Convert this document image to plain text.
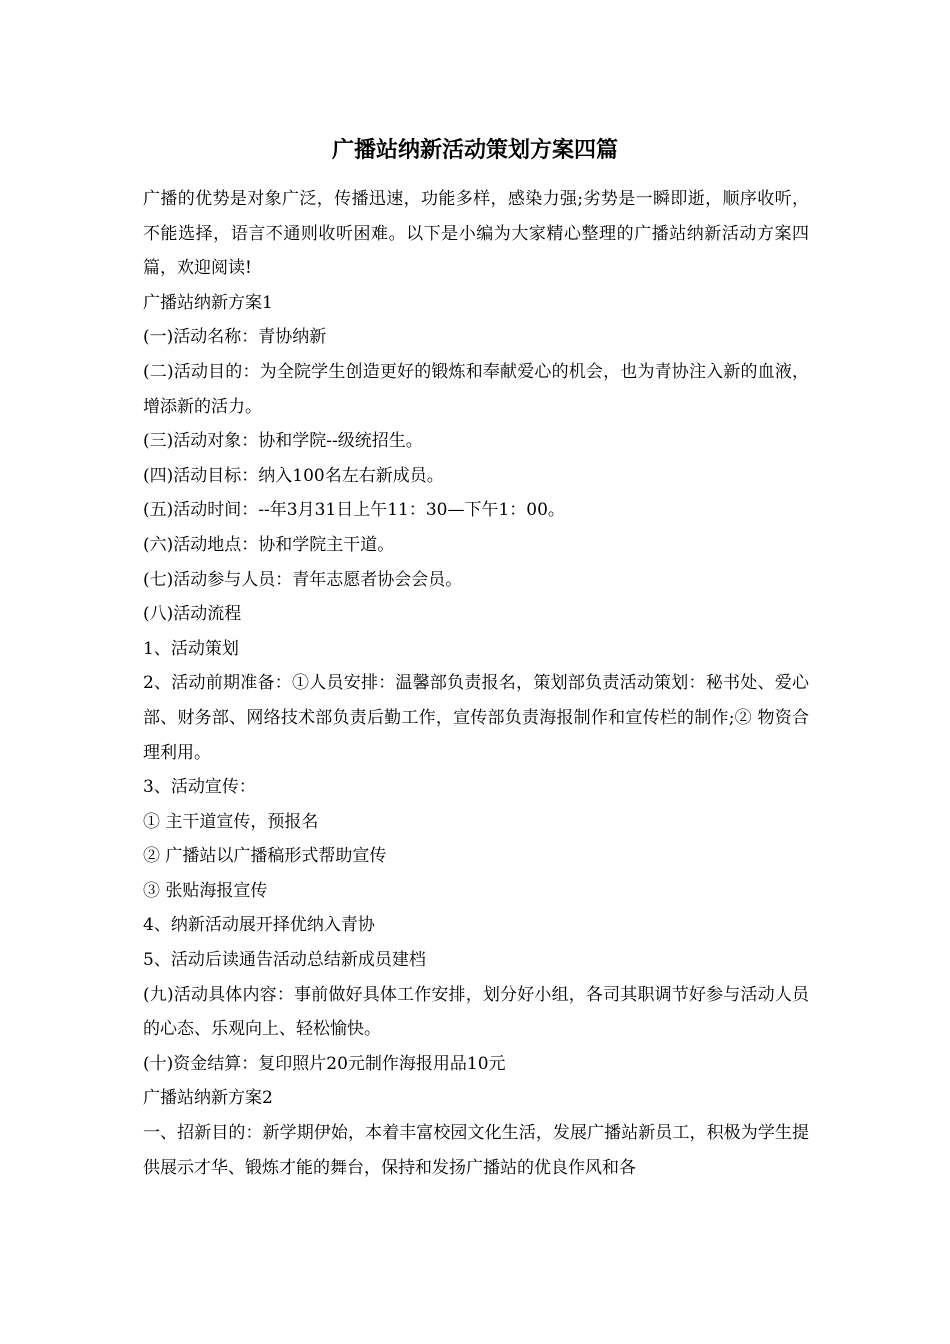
广播站纳新活动策划方案四篇

广播的优势是对象广泛，传播迅速，功能多样，感染力强;劣势是一瞬即逝，顺序收听，不能选择，语言不通则收听困难。以下是小编为大家精心整理的广播站纳新活动方案四篇，欢迎阅读!

广播站纳新方案1

(一)活动名称：青协纳新

(二)活动目的：为全院学生创造更好的锻炼和奉献爱心的机会，也为青协注入新的血液，增添新的活力。

(三)活动对象：协和学院--级统招生。

(四)活动目标：纳入100名左右新成员。

(五)活动时间：--年3月31日上午11：30—下午1：00。

(六)活动地点：协和学院主干道。

(七)活动参与人员：青年志愿者协会会员。

(八)活动流程

1、活动策划

2、活动前期准备：①人员安排：温馨部负责报名，策划部负责活动策划：秘书处、爱心部、财务部、网络技术部负责后勤工作，宣传部负责海报制作和宣传栏的制作;② 物资合理利用。

3、活动宣传：

① 主干道宣传，预报名

② 广播站以广播稿形式帮助宣传

③ 张贴海报宣传

4、纳新活动展开择优纳入青协

5、活动后读通告活动总结新成员建档

(九)活动具体内容：事前做好具体工作安排，划分好小组，各司其职调节好参与活动人员的心态、乐观向上、轻松愉快。

(十)资金结算：复印照片20元制作海报用品10元

广播站纳新方案2

一、招新目的：新学期伊始，本着丰富校园文化生活，发展广播站新员工，积极为学生提供展示才华、锻炼才能的舞台，保持和发扬广播站的优良作风和各
